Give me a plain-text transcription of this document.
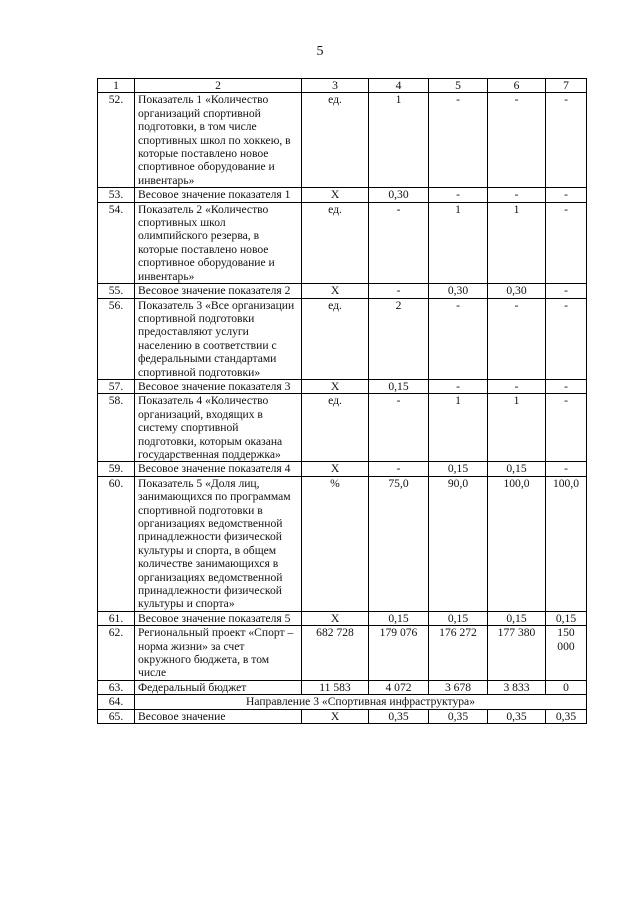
5
1	2	3	4	5	6	7
52.	Показатель 1 «Количество организаций спортивной подготовки, в том числе спортивных школ по хоккею, в которые поставлено новое спортивное оборудование и инвентарь»	ед.	1	-	-	-
53.	Весовое значение показателя 1	X	0,30	-	-	-
54.	Показатель 2 «Количество спортивных школ олимпийского резерва, в которые поставлено новое спортивное оборудование и инвентарь»	ед.	-	1	1	-
55.	Весовое значение показателя 2	X	-	0,30	0,30	-
56.	Показатель 3 «Все организации спортивной подготовки предоставляют услуги населению в соответствии с федеральными стандартами спортивной подготовки»	ед.	2	-	-	-
57.	Весовое значение показателя 3	X	0,15	-	-	-
58.	Показатель 4 «Количество организаций, входящих в систему спортивной подготовки, которым оказана государственная поддержка»	ед.	-	1	1	-
59.	Весовое значение показателя 4	X	-	0,15	0,15	-
60.	Показатель 5 «Доля лиц, занимающихся по программам спортивной подготовки в организациях ведомственной принадлежности физической культуры и спорта, в общем количестве занимающихся в организациях ведомственной принадлежности физической культуры и спорта»	%	75,0	90,0	100,0	100,0
61.	Весовое значение показателя 5	X	0,15	0,15	0,15	0,15
62.	Региональный проект «Спорт – норма жизни» за счет окружного бюджета, в том числе	682 728	179 076	176 272	177 380	150 000
63.	Федеральный бюджет	11 583	4 072	3 678	3 833	0
64.	Направление 3 «Спортивная инфраструктура»					
65.	Весовое значение	X	0,35	0,35	0,35	0,35
